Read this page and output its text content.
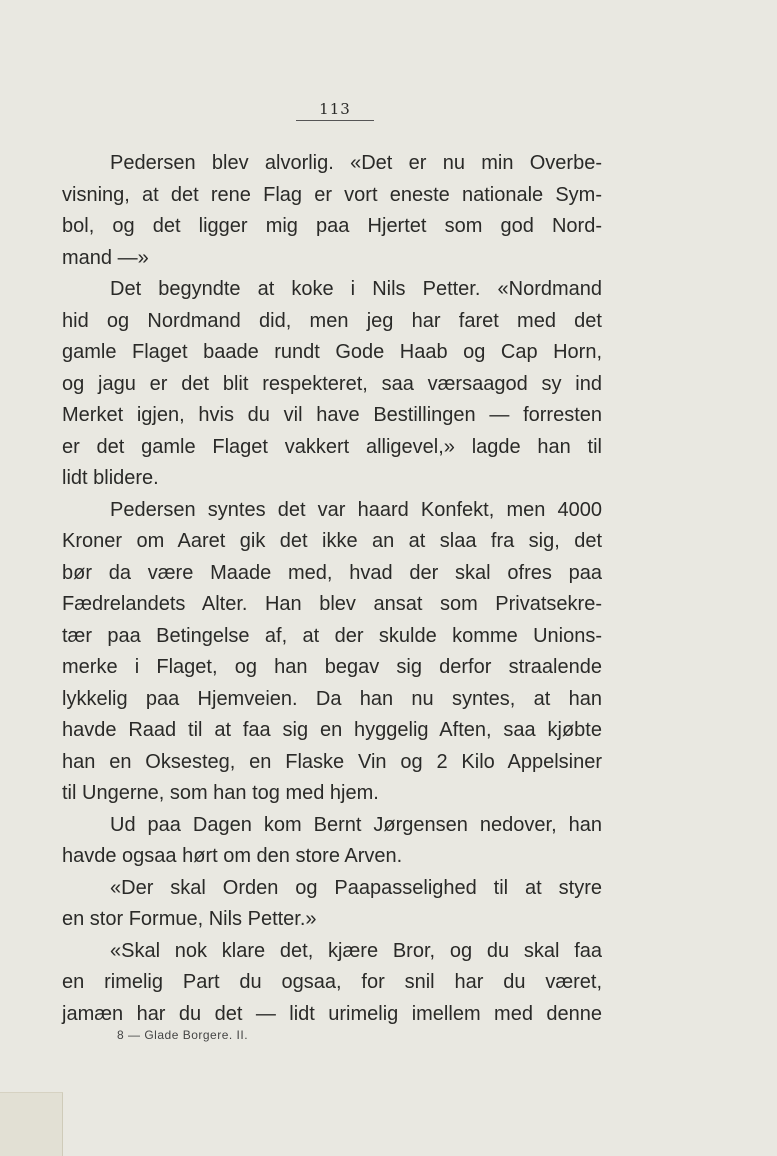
113
Pedersen blev alvorlig. «Det er nu min Overbe-
visning, at det rene Flag er vort eneste nationale Sym-
bol, og det ligger mig paa Hjertet som god Nord-
mand —»
Det begyndte at koke i Nils Petter. «Nordmand
hid og Nordmand did, men jeg har faret med det
gamle Flaget baade rundt Gode Haab og Cap Horn,
og jagu er det blit respekteret, saa værsaagod sy ind
Merket igjen, hvis du vil have Bestillingen — forresten
er det gamle Flaget vakkert alligevel,» lagde han til
lidt blidere.
Pedersen syntes det var haard Konfekt, men 4000
Kroner om Aaret gik det ikke an at slaa fra sig, det
bør da være Maade med, hvad der skal ofres paa
Fædrelandets Alter. Han blev ansat som Privatsekre-
tær paa Betingelse af, at der skulde komme Unions-
merke i Flaget, og han begav sig derfor straalende
lykkelig paa Hjemveien. Da han nu syntes, at han
havde Raad til at faa sig en hyggelig Aften, saa kjøbte
han en Oksesteg, en Flaske Vin og 2 Kilo Appelsiner
til Ungerne, som han tog med hjem.
Ud paa Dagen kom Bernt Jørgensen nedover, han
havde ogsaa hørt om den store Arven.
«Der skal Orden og Paapasselighed til at styre
en stor Formue, Nils Petter.»
«Skal nok klare det, kjære Bror, og du skal faa
en rimelig Part du ogsaa, for snil har du været,
jamæn har du det — lidt urimelig imellem med denne
8 — Glade Borgere. II.
